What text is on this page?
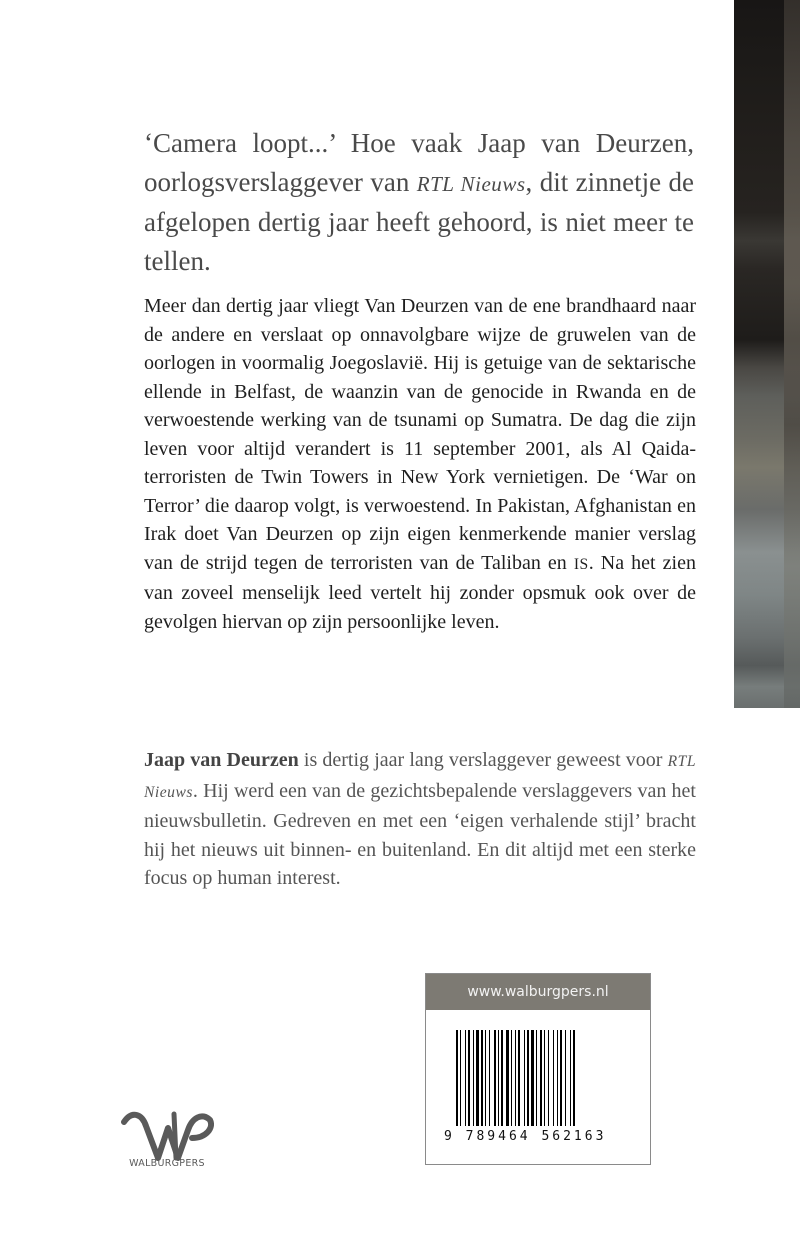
‘Camera loopt...’ Hoe vaak Jaap van Deurzen, oorlogsverslaggever van RTL Nieuws, dit zinnetje de afgelopen dertig jaar heeft gehoord, is niet meer te tellen.
Meer dan dertig jaar vliegt Van Deurzen van de ene brandhaard naar de andere en verslaat op onnavolgbare wijze de gruwelen van de oorlogen in voormalig Joegoslavië. Hij is getuige van de sektarische ellende in Belfast, de waanzin van de genocide in Rwanda en de verwoestende werking van de tsunami op Sumatra. De dag die zijn leven voor altijd verandert is 11 september 2001, als Al Qaida-terroristen de Twin Towers in New York vernietigen. De ‘War on Terror’ die daarop volgt, is verwoestend. In Pakistan, Afghanistan en Irak doet Van Deurzen op zijn eigen kenmerkende manier verslag van de strijd tegen de terroristen van de Taliban en IS. Na het zien van zoveel menselijk leed vertelt hij zonder opsmuk ook over de gevolgen hiervan op zijn persoonlijke leven.
Jaap van Deurzen is dertig jaar lang verslaggever geweest voor RTL Nieuws. Hij werd een van de gezichtsbepalende verslaggevers van het nieuwsbulletin. Gedreven en met een ‘eigen verhalende stijl’ bracht hij het nieuws uit binnen- en buitenland. En dit altijd met een sterke focus op human interest.
www.walburgpers.nl
9 789464 562163
WALBURGPERS
